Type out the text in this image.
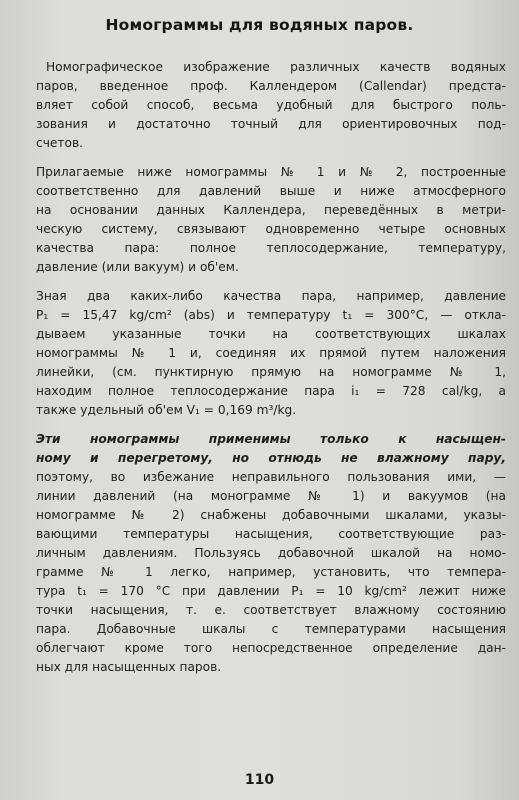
Номограммы для водяных паров.
Номографическое изображение различных качеств водяных
паров, введенное проф. Каллендером (Callendar) предста-
вляет собой способ, весьма удобный для быстрого поль-
зования и достаточно точный для ориентировочных под-
счетов.
Прилагаемые ниже номограммы № 1 и № 2, построенные
соответственно для давлений выше и ниже атмосферного
на основании данных Каллендера, переведённых в метри-
ческую систему, связывают одновременно четыре основных
качества пара: полное теплосодержание, температуру,
давление (или вакуум) и об'ем.
Зная два каких-либо качества пара, например, давление
P₁ = 15,47 kg/cm² (abs) и температуру t₁ = 300°C, — откла-
дываем указанные точки на соответствующих шкалах
номограммы № 1 и, соединяя их прямой путем наложения
линейки, (см. пунктирную прямую на номограмме № 1,
находим полное теплосодержание пара i₁ = 728 cal/kg, а
также удельный об'ем V₁ = 0,169 m³/kg.
Эти номограммы применимы только к насыщен-
ному и перегретому, но отнюдь не влажному пару,
поэтому, во избежание неправильного пользования ими, —
линии давлений (на монограмме № 1) и вакуумов (на
номограмме № 2) снабжены добавочными шкалами, указы-
вающими температуры насыщения, соответствующие раз-
личным давлениям. Пользуясь добавочной шкалой на номо-
грамме № 1 легко, например, установить, что темпера-
тура t₁ = 170 °C при давлении P₁ = 10 kg/cm² лежит ниже
точки насыщения, т. е. соответствует влажному состоянию
пара. Добавочные шкалы с температурами насыщения
облегчают кроме того непосредственное определение дан-
ных для насыщенных паров.
110
